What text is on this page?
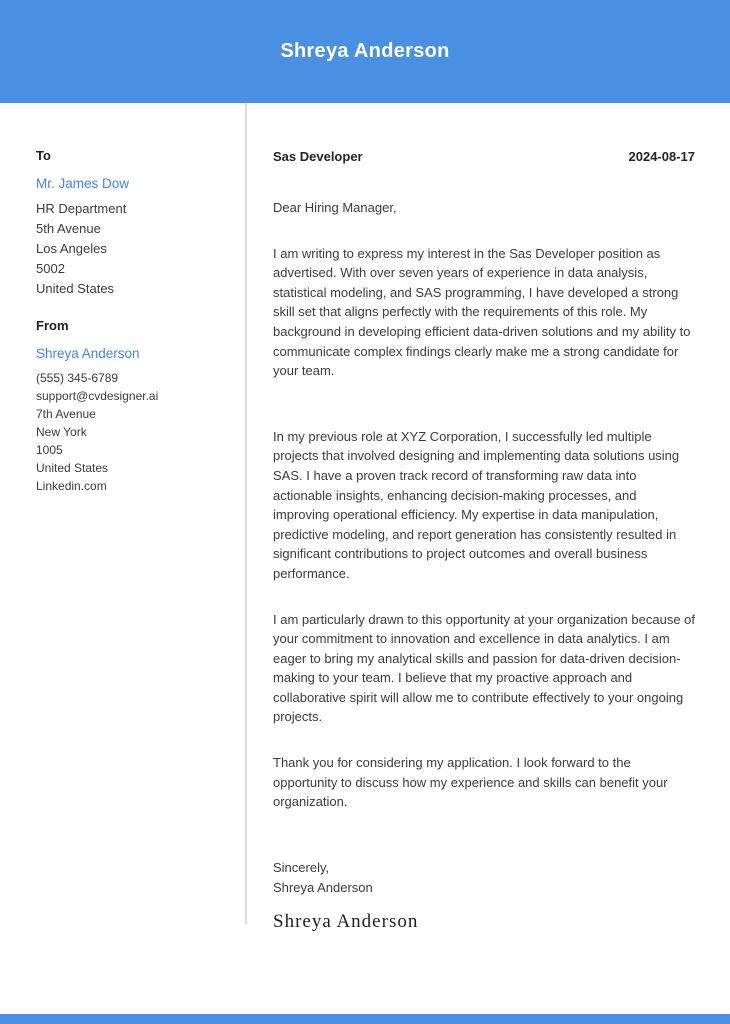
Shreya Anderson
To
Mr. James Dow
HR Department
5th Avenue
Los Angeles
5002
United States
From
Shreya Anderson
(555) 345-6789
support@cvdesigner.ai
7th Avenue
New York
1005
United States
Linkedin.com
Sas Developer	2024-08-17

Dear Hiring Manager,

I am writing to express my interest in the Sas Developer position as advertised. With over seven years of experience in data analysis, statistical modeling, and SAS programming, I have developed a strong skill set that aligns perfectly with the requirements of this role. My background in developing efficient data-driven solutions and my ability to communicate complex findings clearly make me a strong candidate for your team.

In my previous role at XYZ Corporation, I successfully led multiple projects that involved designing and implementing data solutions using SAS. I have a proven track record of transforming raw data into actionable insights, enhancing decision-making processes, and improving operational efficiency. My expertise in data manipulation, predictive modeling, and report generation has consistently resulted in significant contributions to project outcomes and overall business performance.

I am particularly drawn to this opportunity at your organization because of your commitment to innovation and excellence in data analytics. I am eager to bring my analytical skills and passion for data-driven decision-making to your team. I believe that my proactive approach and collaborative spirit will allow me to contribute effectively to your ongoing projects.

Thank you for considering my application. I look forward to the opportunity to discuss how my experience and skills can benefit your organization.

Sincerely,

Shreya Anderson

Shreya Anderson
